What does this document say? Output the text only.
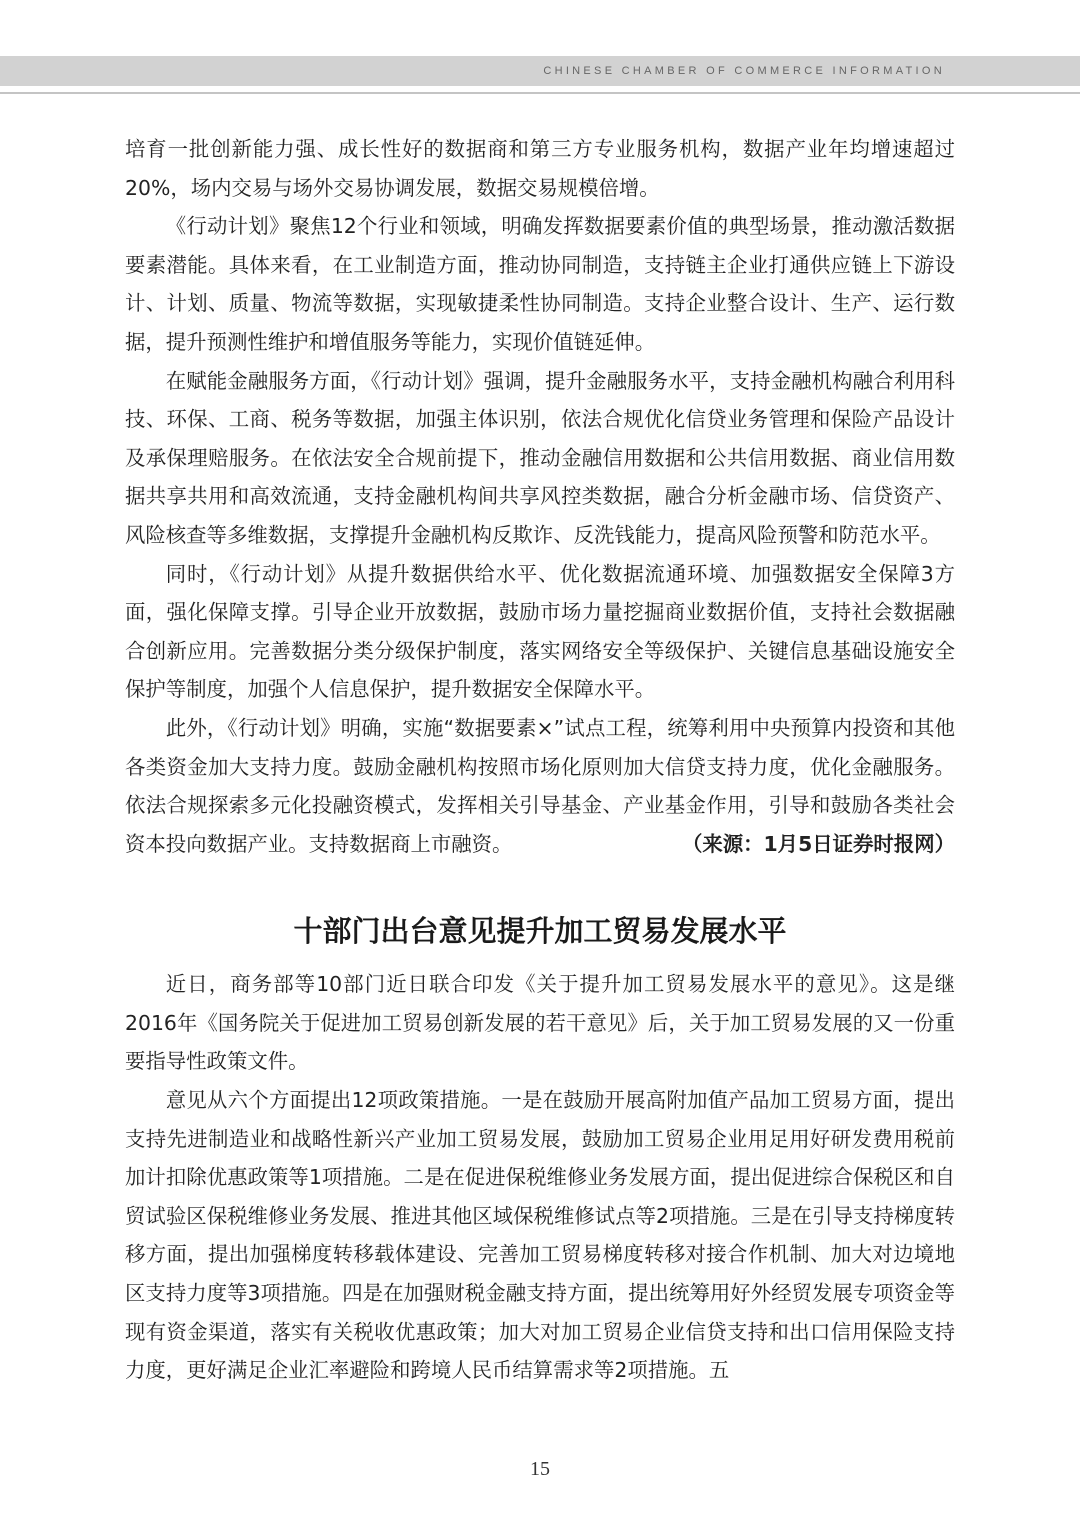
CHINESE CHAMBER OF COMMERCE INFORMATION

培育一批创新能力强、成长性好的数据商和第三方专业服务机构，数据产业年均增速超过20%，场内交易与场外交易协调发展，数据交易规模倍增。

《行动计划》聚焦12个行业和领域，明确发挥数据要素价值的典型场景，推动激活数据要素潜能。具体来看，在工业制造方面，推动协同制造，支持链主企业打通供应链上下游设计、计划、质量、物流等数据，实现敏捷柔性协同制造。支持企业整合设计、生产、运行数据，提升预测性维护和增值服务等能力，实现价值链延伸。

在赋能金融服务方面，《行动计划》强调，提升金融服务水平，支持金融机构融合利用科技、环保、工商、税务等数据，加强主体识别，依法合规优化信贷业务管理和保险产品设计及承保理赔服务。在依法安全合规前提下，推动金融信用数据和公共信用数据、商业信用数据共享共用和高效流通，支持金融机构间共享风控类数据，融合分析金融市场、信贷资产、风险核查等多维数据，支撑提升金融机构反欺诈、反洗钱能力，提高风险预警和防范水平。

同时，《行动计划》从提升数据供给水平、优化数据流通环境、加强数据安全保障3方面，强化保障支撑。引导企业开放数据，鼓励市场力量挖掘商业数据价值，支持社会数据融合创新应用。完善数据分类分级保护制度，落实网络安全等级保护、关键信息基础设施安全保护等制度，加强个人信息保护，提升数据安全保障水平。

此外，《行动计划》明确，实施“数据要素×”试点工程，统筹利用中央预算内投资和其他各类资金加大支持力度。鼓励金融机构按照市场化原则加大信贷支持力度，优化金融服务。依法合规探索多元化投融资模式，发挥相关引导基金、产业基金作用，引导和鼓励各类社会资本投向数据产业。支持数据商上市融资。	（来源：1月5日证券时报网）

十部门出台意见提升加工贸易发展水平

近日，商务部等10部门近日联合印发《关于提升加工贸易发展水平的意见》。这是继2016年《国务院关于促进加工贸易创新发展的若干意见》后，关于加工贸易发展的又一份重要指导性政策文件。

意见从六个方面提出12项政策措施。一是在鼓励开展高附加值产品加工贸易方面，提出支持先进制造业和战略性新兴产业加工贸易发展，鼓励加工贸易企业用足用好研发费用税前加计扣除优惠政策等1项措施。二是在促进保税维修业务发展方面，提出促进综合保税区和自贸试验区保税维修业务发展、推进其他区域保税维修试点等2项措施。三是在引导支持梯度转移方面，提出加强梯度转移载体建设、完善加工贸易梯度转移对接合作机制、加大对边境地区支持力度等3项措施。四是在加强财税金融支持方面，提出统筹用好外经贸发展专项资金等现有资金渠道，落实有关税收优惠政策；加大对加工贸易企业信贷支持和出口信用保险支持力度，更好满足企业汇率避险和跨境人民币结算需求等2项措施。五

15
